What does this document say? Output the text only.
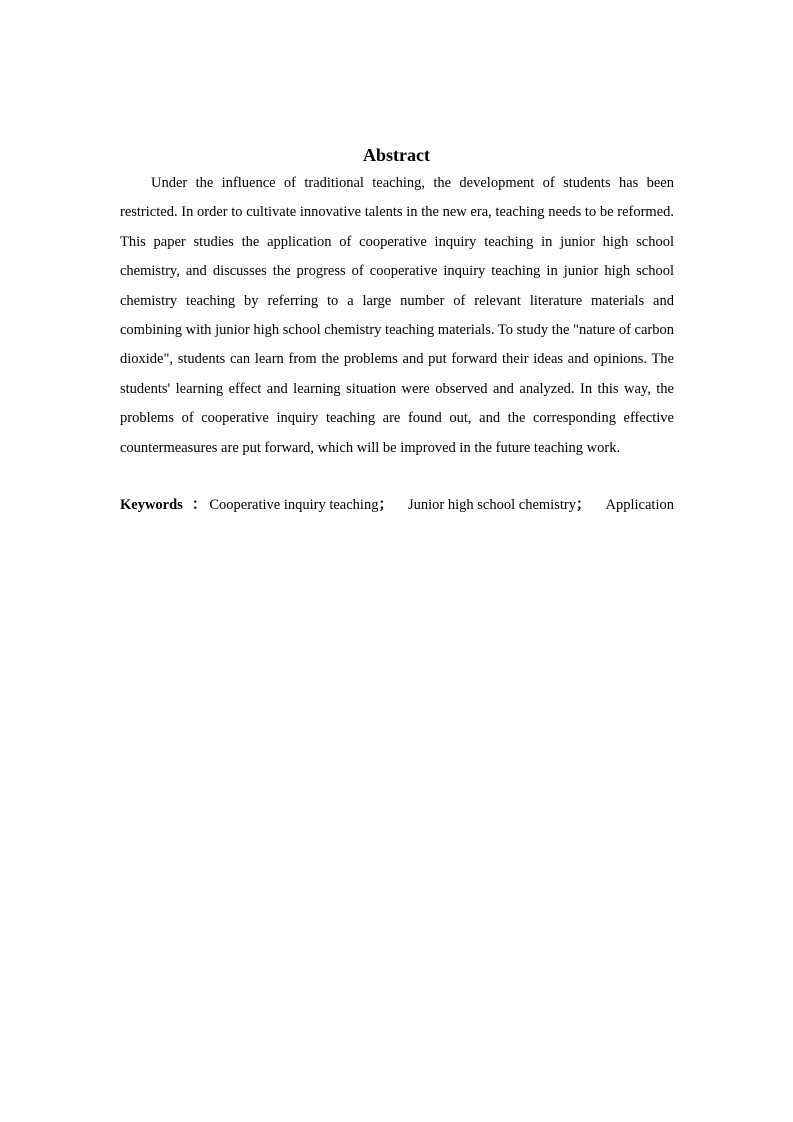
Abstract

Under the influence of traditional teaching, the development of students has been restricted. In order to cultivate innovative talents in the new era, teaching needs to be reformed. This paper studies the application of cooperative inquiry teaching in junior high school chemistry, and discusses the progress of cooperative inquiry teaching in junior high school chemistry teaching by referring to a large number of relevant literature materials and combining with junior high school chemistry teaching materials. To study the "nature of carbon dioxide", students can learn from the problems and put forward their ideas and opinions. The students' learning effect and learning situation were observed and analyzed. In this way, the problems of cooperative inquiry teaching are found out, and the corresponding effective countermeasures are put forward, which will be improved in the future teaching work.

Keywords ： Cooperative inquiry teaching； Junior high school chemistry； Application
